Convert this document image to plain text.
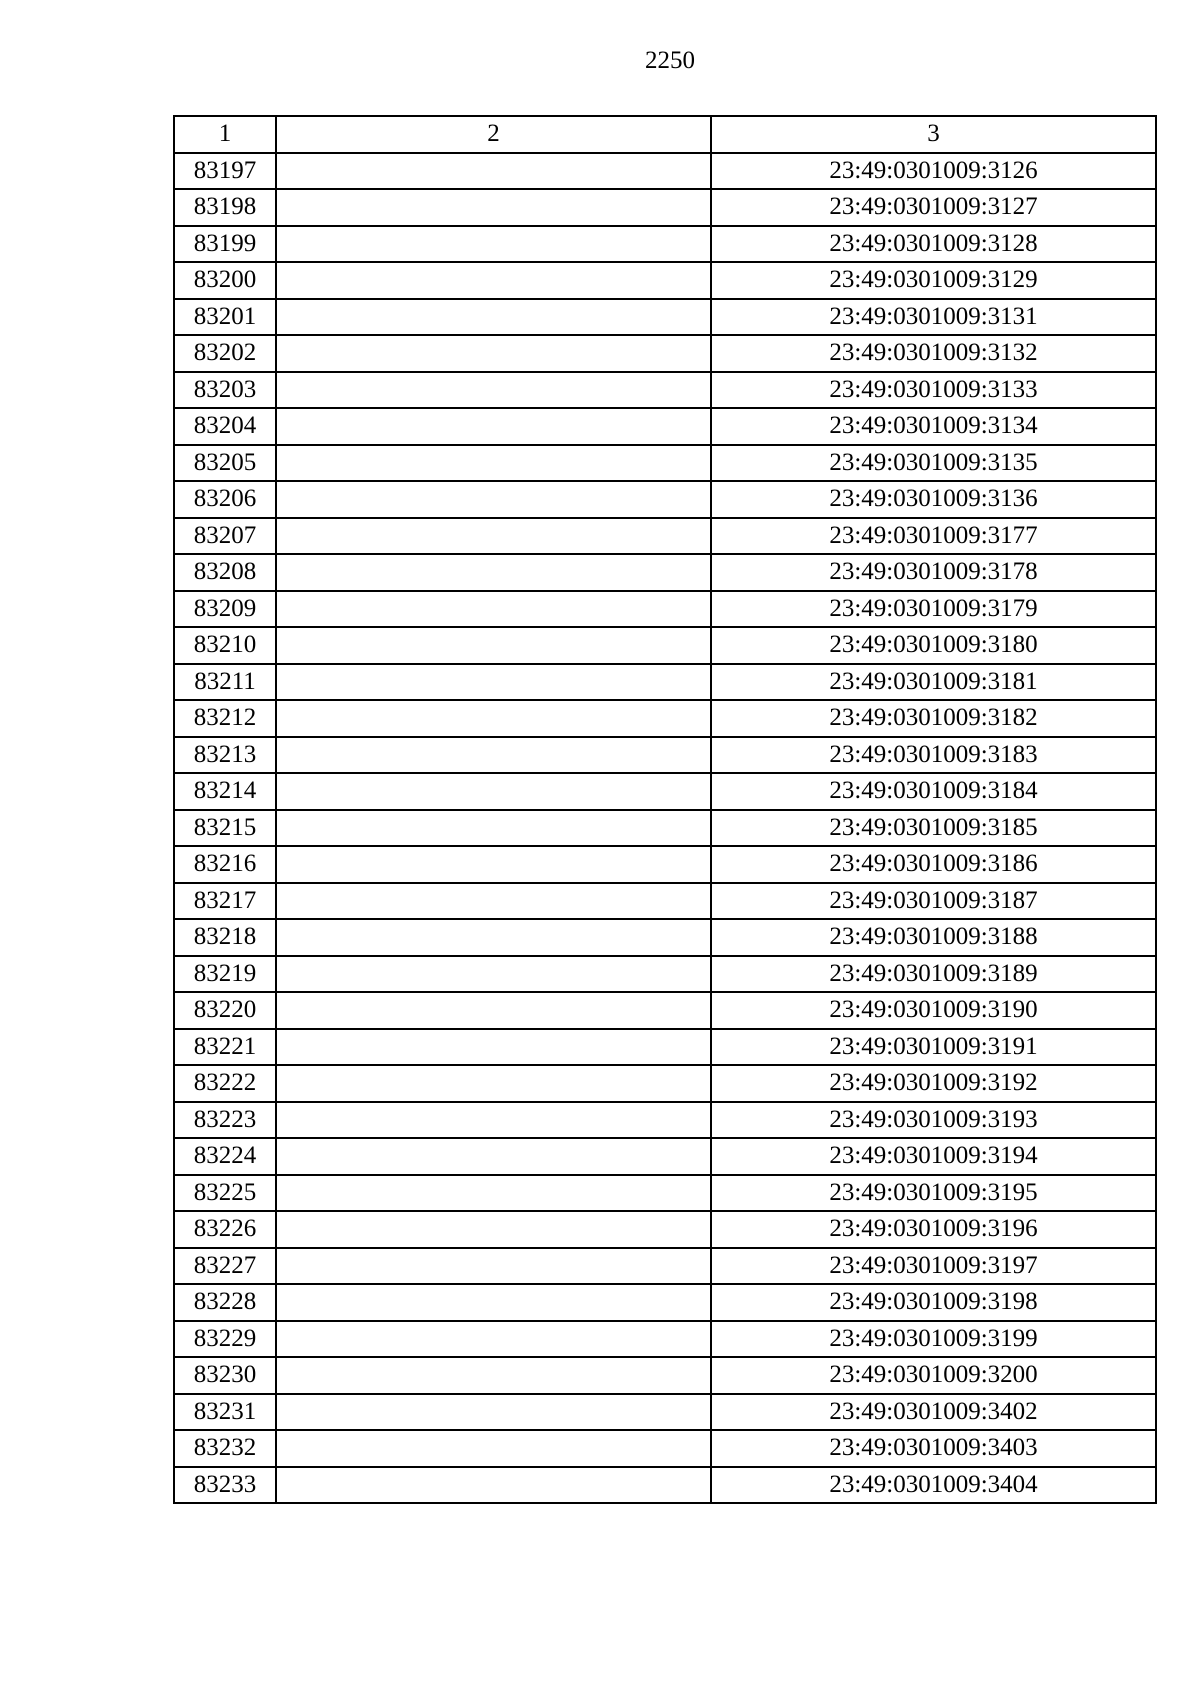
2250
1	2	3
83197		23:49:0301009:3126
83198		23:49:0301009:3127
83199		23:49:0301009:3128
83200		23:49:0301009:3129
83201		23:49:0301009:3131
83202		23:49:0301009:3132
83203		23:49:0301009:3133
83204		23:49:0301009:3134
83205		23:49:0301009:3135
83206		23:49:0301009:3136
83207		23:49:0301009:3177
83208		23:49:0301009:3178
83209		23:49:0301009:3179
83210		23:49:0301009:3180
83211		23:49:0301009:3181
83212		23:49:0301009:3182
83213		23:49:0301009:3183
83214		23:49:0301009:3184
83215		23:49:0301009:3185
83216		23:49:0301009:3186
83217		23:49:0301009:3187
83218		23:49:0301009:3188
83219		23:49:0301009:3189
83220		23:49:0301009:3190
83221		23:49:0301009:3191
83222		23:49:0301009:3192
83223		23:49:0301009:3193
83224		23:49:0301009:3194
83225		23:49:0301009:3195
83226		23:49:0301009:3196
83227		23:49:0301009:3197
83228		23:49:0301009:3198
83229		23:49:0301009:3199
83230		23:49:0301009:3200
83231		23:49:0301009:3402
83232		23:49:0301009:3403
83233		23:49:0301009:3404
